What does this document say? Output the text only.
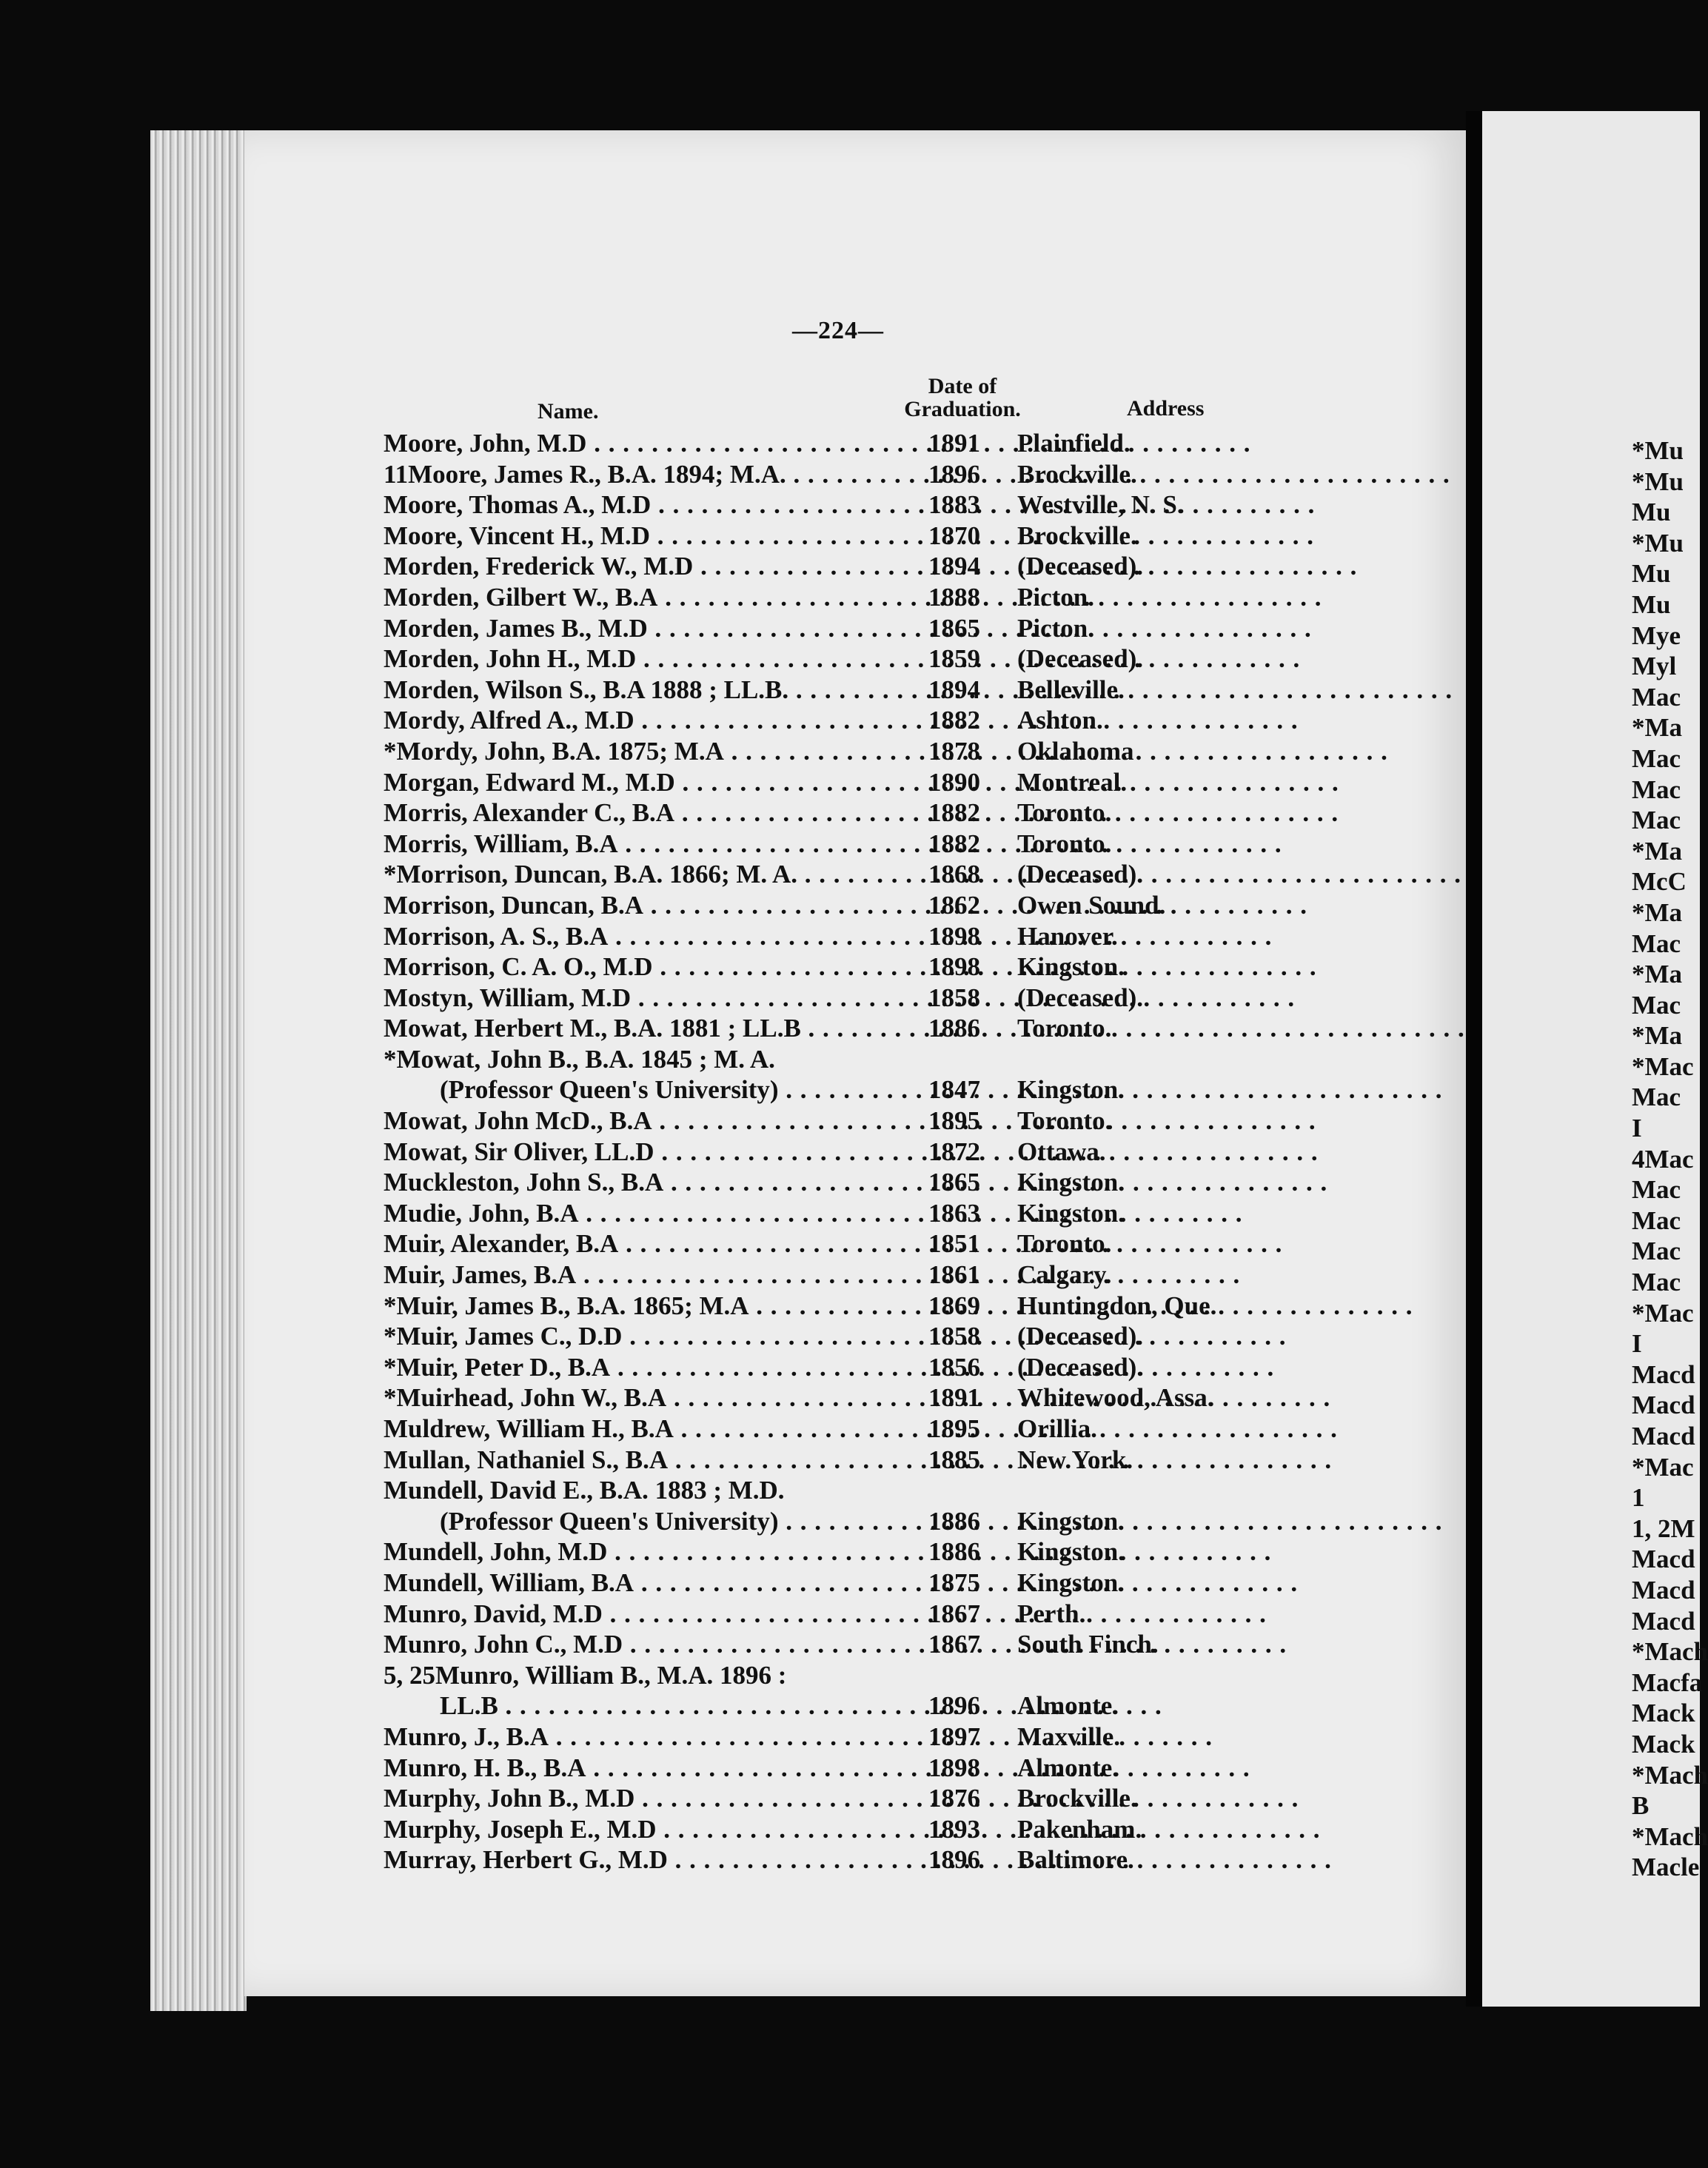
—224—
Name.
Date of
Graduation.	Address
Moore, John, M.D . . .	1891 Plainfield.
11Moore, James R., B.A. 1894; M.A. . . .	1896 Brockville.
Moore, Thomas A., M.D . . .	1883 Westville, N. S.
Moore, Vincent H., M.D . . .	1870 Brockville.
Morden, Frederick W., M.D . . .	1894 (Deceased).
Morden, Gilbert W., B.A . . .	1888 Picton.
Morden, James B., M.D . . .	1865 Picton.
Morden, John H., M.D . . .	1859 (Deceased).
Morden, Wilson S., B.A 1888 ; LL.B. . . .	1894 Belleville.
Mordy, Alfred A., M.D . . .	1882 Ashton.
*Mordy, John, B.A. 1875; M.A . . .	1878 Oklahoma
Morgan, Edward M., M.D . . .	1890 Montreal.
Morris, Alexander C., B.A . . .	1882 Toronto.
Morris, William, B.A . . .	1882 Toronto.
*Morrison, Duncan, B.A. 1866; M. A. . . .	1868 (Deceased).
Morrison, Duncan, B.A . . .	1862 Owen Sound.
Morrison, A. S., B.A . . .	1898 Hanover.
Morrison, C. A. O., M.D . . .	1898 Kingston.
Mostyn, William, M.D . . .	1858 (Deceased).
Mowat, Herbert M., B.A. 1881 ; LL.B . . .	1886 Toronto.
*Mowat, John B., B.A. 1845 ; M. A.
(Professor Queen's University) . . .	1847 Kingston.
Mowat, John McD., B.A . . .	1895 Toronto.
Mowat, Sir Oliver, LL.D . . .	1872 Ottawa.
Muckleston, John S., B.A . . .	1865 Kingston.
Mudie, John, B.A . . .	1863 Kingston.
Muir, Alexander, B.A . . .	1851 Toronto.
Muir, James, B.A . . .	1861 Calgary.
*Muir, James B., B.A. 1865; M.A . . .	1869 Huntingdon, Que.
*Muir, James C., D.D . . .	1858 (Deceased).
*Muir, Peter D., B.A . . .	1856 (Deceased).
*Muirhead, John W., B.A . . .	1891 Whitewood, Assa.
Muldrew, William H., B.A . . .	1895 Orillia.
Mullan, Nathaniel S., B.A . . .	1885 New York.
Mundell, David E., B.A. 1883 ; M.D.
(Professor Queen's University) . . .	1886 Kingston.
Mundell, John, M.D . . .	1886 Kingston.
Mundell, William, B.A . . .	1875 Kingston.
Munro, David, M.D . . .	1867 Perth.
Munro, John C., M.D . . .	1867 South Finch.
5, 25Munro, William B., M.A. 1896 :
LL.B . . .	1896 Almonte.
Munro, J., B.A . . .	1897 Maxville.
Munro, H. B., B.A . . .	1898 Almonte.
Murphy, John B., M.D . . .	1876 Brockville.
Murphy, Joseph E., M.D . . .	1893 Pakenham.
Murray, Herbert G., M.D . . .	1896 Baltimore.
*Mu
*Mu
Mu
*Mu
Mu
Mu
Mye
Myl
Mac
*Ma
Mac
Mac
Mac
*Ma
McC
*Ma
Mac
*Ma
Mac
*Ma
*Mac
Mac
I
4Mac
Mac
Mac
Mac
Mac
*Mac
I
Macd
Macd
Macd
*Mac
1
1, 2M
Macd
Macd
Macd
*Mach
Macfa
Mack
Mack
*Mach
B
*Mach
Macle
